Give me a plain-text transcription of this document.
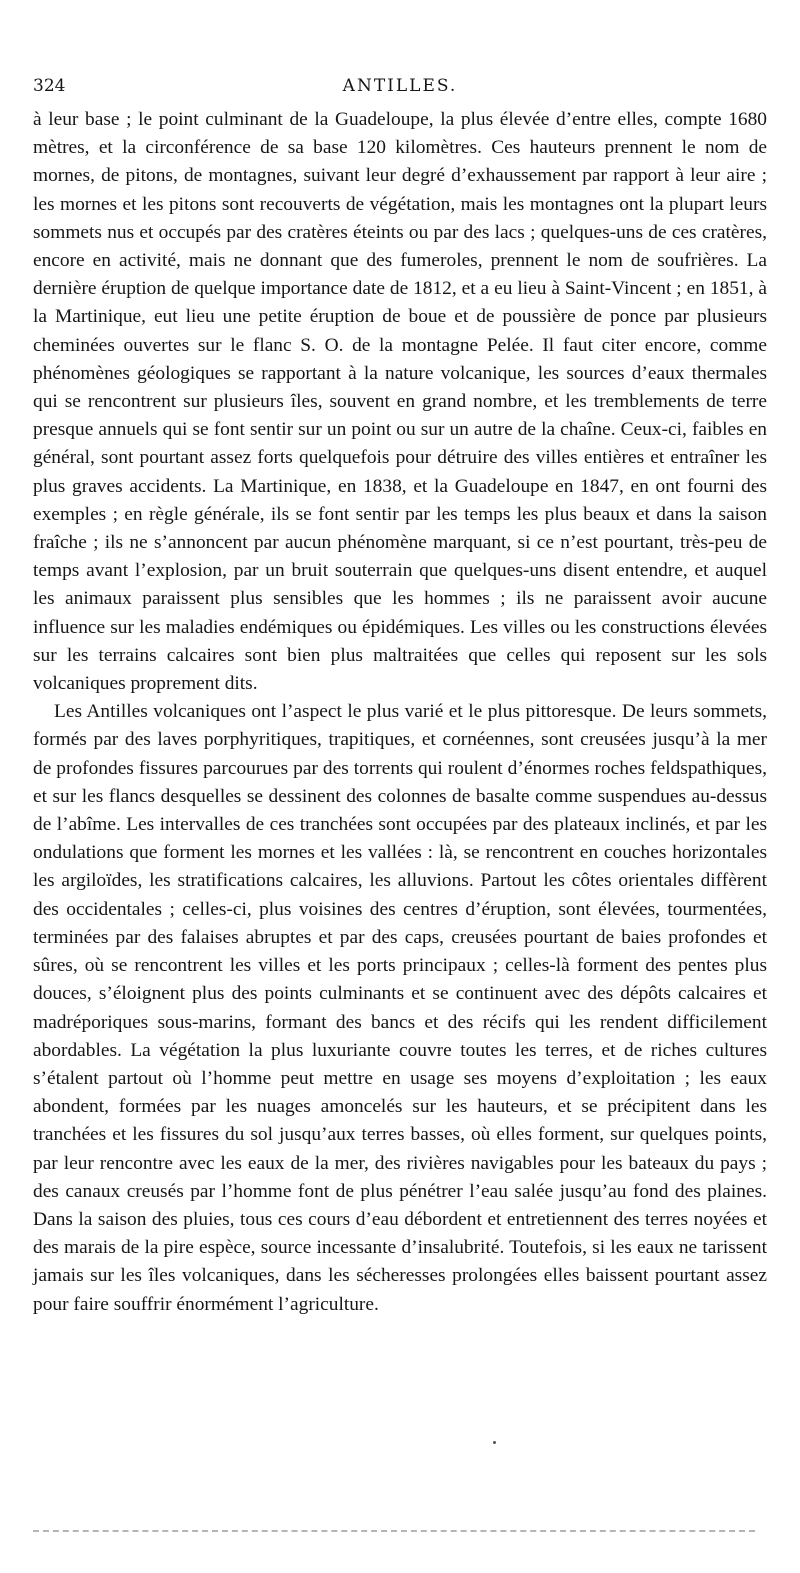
324	ANTILLES.

à leur base ; le point culminant de la Guadeloupe, la plus élevée d’entre elles, compte 1680 mètres, et la circonférence de sa base 120 kilomètres. Ces hauteurs prennent le nom de mornes, de pitons, de montagnes, suivant leur degré d’exhaussement par rapport à leur aire ; les mornes et les pitons sont recouverts de végétation, mais les montagnes ont la plupart leurs sommets nus et occupés par des cratères éteints ou par des lacs ; quelques-uns de ces cratères, encore en activité, mais ne donnant que des fumeroles, prennent le nom de soufrières. La dernière éruption de quelque importance date de 1812, et a eu lieu à Saint-Vincent ; en 1851, à la Martinique, eut lieu une petite éruption de boue et de poussière de ponce par plusieurs cheminées ouvertes sur le flanc S. O. de la montagne Pelée. Il faut citer encore, comme phénomènes géologiques se rapportant à la nature volcanique, les sources d’eaux thermales qui se rencontrent sur plusieurs îles, souvent en grand nombre, et les tremblements de terre presque annuels qui se font sentir sur un point ou sur un autre de la chaîne. Ceux-ci, faibles en général, sont pourtant assez forts quelquefois pour détruire des villes entières et entraîner les plus graves accidents. La Martinique, en 1838, et la Guadeloupe en 1847, en ont fourni des exemples ; en règle générale, ils se font sentir par les temps les plus beaux et dans la saison fraîche ; ils ne s’annoncent par aucun phénomène marquant, si ce n’est pourtant, très-peu de temps avant l’explosion, par un bruit souterrain que quelques-uns disent entendre, et auquel les animaux paraissent plus sensibles que les hommes ; ils ne paraissent avoir aucune influence sur les maladies endémiques ou épidémiques. Les villes ou les constructions élevées sur les terrains calcaires sont bien plus maltraitées que celles qui reposent sur les sols volcaniques proprement dits.

Les Antilles volcaniques ont l’aspect le plus varié et le plus pittoresque. De leurs sommets, formés par des laves porphyritiques, trapitiques, et cornéennes, sont creusées jusqu’à la mer de profondes fissures parcourues par des torrents qui roulent d’énormes roches feldspathiques, et sur les flancs desquelles se dessinent des colonnes de basalte comme suspendues au-dessus de l’abîme. Les intervalles de ces tranchées sont occupées par des plateaux inclinés, et par les ondulations que forment les mornes et les vallées : là, se rencontrent en couches horizontales les argiloïdes, les stratifications calcaires, les alluvions. Partout les côtes orientales diffèrent des occidentales ; celles-ci, plus voisines des centres d’éruption, sont élevées, tourmentées, terminées par des falaises abruptes et par des caps, creusées pourtant de baies profondes et sûres, où se rencontrent les villes et les ports principaux ; celles-là forment des pentes plus douces, s’éloignent plus des points culminants et se continuent avec des dépôts calcaires et madréporiques sous-marins, formant des bancs et des récifs qui les rendent difficilement abordables. La végétation la plus luxuriante couvre toutes les terres, et de riches cultures s’étalent partout où l’homme peut mettre en usage ses moyens d’exploitation ; les eaux abondent, formées par les nuages amoncelés sur les hauteurs, et se précipitent dans les tranchées et les fissures du sol jusqu’aux terres basses, où elles forment, sur quelques points, par leur rencontre avec les eaux de la mer, des rivières navigables pour les bateaux du pays ; des canaux creusés par l’homme font de plus pénétrer l’eau salée jusqu’au fond des plaines. Dans la saison des pluies, tous ces cours d’eau débordent et entretiennent des terres noyées et des marais de la pire espèce, source incessante d’insalubrité. Toutefois, si les eaux ne tarissent jamais sur les îles volcaniques, dans les sécheresses prolongées elles baissent pourtant assez pour faire souffrir énormément l’agriculture.
